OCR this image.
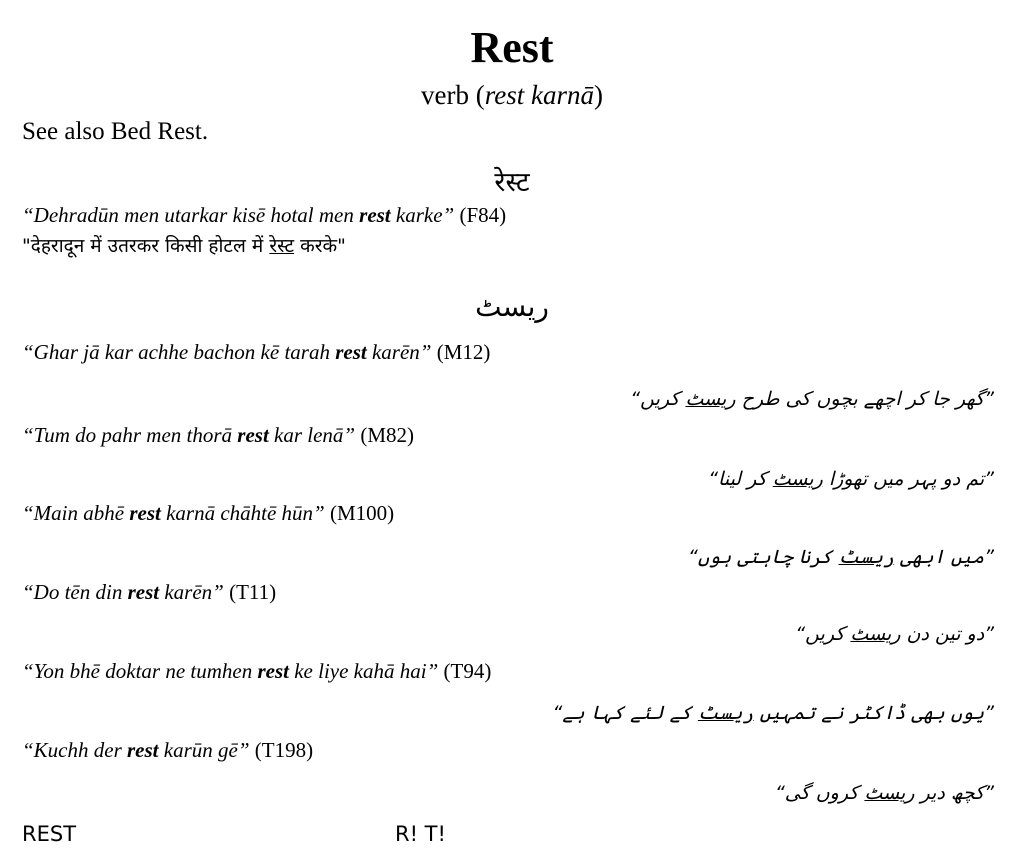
Rest
verb (rest karnā)
See also Bed Rest.
रेस्ट
“Dehradūn men utarkar kisē hotal men rest karke” (F84)
"देहरादून में उतरकर किसी होटल में रेस्ट करके"
ریسٹ
“Ghar jā kar achhe bachon kē tarah rest karēn” (M12)
”گھر جا کر اچھے بچوں کی طرح ریسٹ کریں“
“Tum do pahr men thorā rest kar lenā” (M82)
”تم دو پہر میں تھوڑا ریسٹ کر لینا“
“Main abhē rest karnā chāhtē hūn” (M100)
”میں ابھی ریسٹ کرنا چاہتی ہوں“
“Do tēn din rest karēn” (T11)
”دو تین دن ریسٹ کریں“
“Yon bhē doktar ne tumhen rest ke liye kahā hai” (T94)
”یوں بھی ڈاکٹر نے تمہیں ریسٹ کے لئے کہا ہے“
“Kuchh der rest karūn gē” (T198)
”کچھ دیر ریسٹ کروں گی“
REST	R! T!
